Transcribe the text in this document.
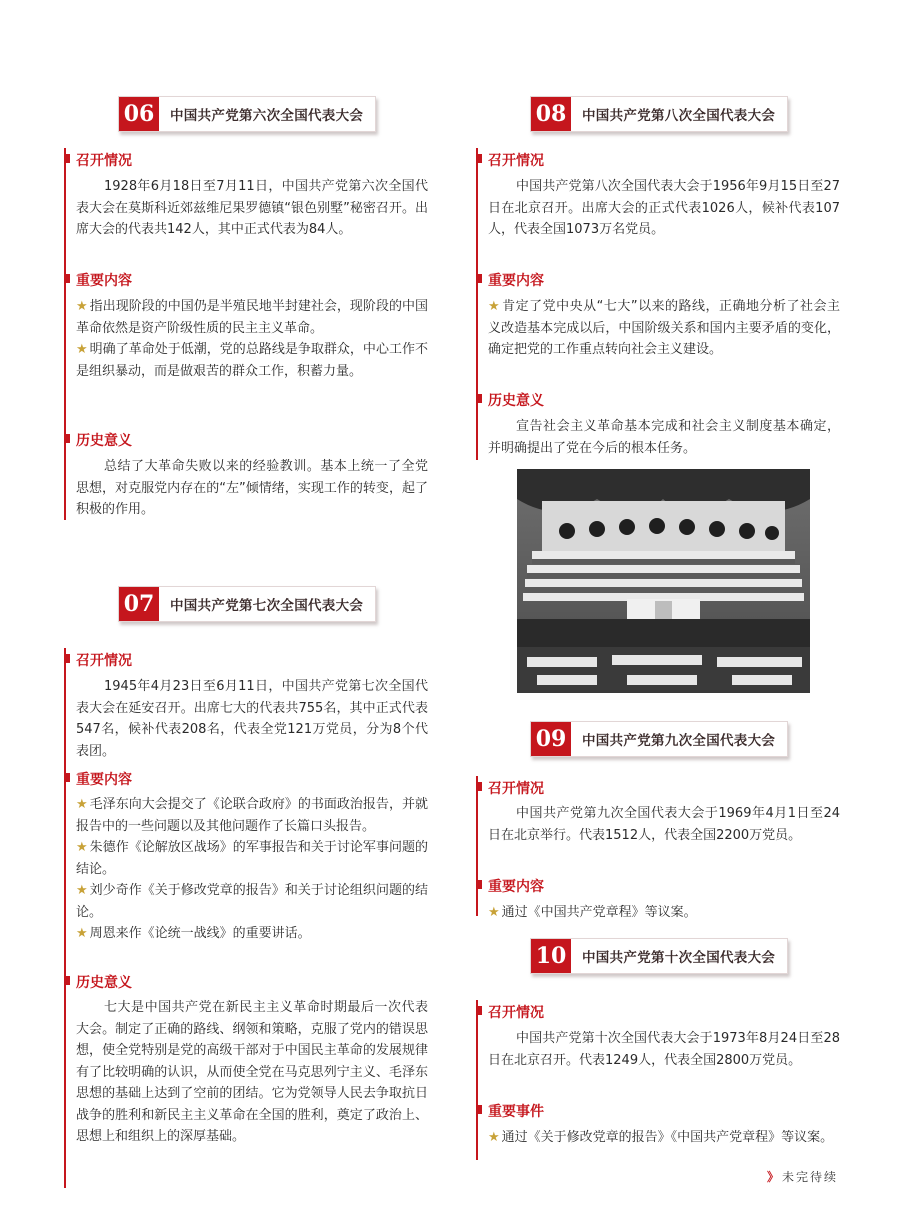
06	中国共产党第六次全国代表大会
召开情况
1928年6月18日至7月11日，中国共产党第六次全国代表大会在莫斯科近郊兹维尼果罗德镇“银色别墅”秘密召开。出席大会的代表共142人，其中正式代表为84人。
重要内容

★ 指出现阶段的中国仍是半殖民地半封建社会，现阶段的中国革命依然是资产阶级性质的民主主义革命。

★ 明确了革命处于低潮，党的总路线是争取群众，中心工作不是组织暴动，而是做艰苦的群众工作，积蓄力量。

历史意义
总结了大革命失败以来的经验教训。基本上统一了全党思想，对克服党内存在的“左”倾情绪，实现工作的转变，起了积极的作用。
07	中国共产党第七次全国代表大会
召开情况
1945年4月23日至6月11日，中国共产党第七次全国代表大会在延安召开。出席七大的代表共755名，其中正式代表547名，候补代表208名，代表全党121万党员，分为8个代表团。
重要内容

★ 毛泽东向大会提交了《论联合政府》的书面政治报告，并就报告中的一些问题以及其他问题作了长篇口头报告。

★ 朱德作《论解放区战场》的军事报告和关于讨论军事问题的结论。

★ 刘少奇作《关于修改党章的报告》和关于讨论组织问题的结论。

★ 周恩来作《论统一战线》的重要讲话。

历史意义
七大是中国共产党在新民主主义革命时期最后一次代表大会。制定了正确的路线、纲领和策略，克服了党内的错误思想，使全党特别是党的高级干部对于中国民主革命的发展规律有了比较明确的认识，从而使全党在马克思列宁主义、毛泽东思想的基础上达到了空前的团结。它为党领导人民去争取抗日战争的胜利和新民主主义革命在全国的胜利，奠定了政治上、思想上和组织上的深厚基础。
08	中国共产党第八次全国代表大会
召开情况
中国共产党第八次全国代表大会于1956年9月15日至27日在北京召开。出席大会的正式代表1026人，候补代表107人，代表全国1073万名党员。
重要内容

★ 肯定了党中央从“七大”以来的路线，正确地分析了社会主义改造基本完成以后，中国阶级关系和国内主要矛盾的变化，确定把党的工作重点转向社会主义建设。

历史意义
宣告社会主义革命基本完成和社会主义制度基本确定，并明确提出了党在今后的根本任务。
09	中国共产党第九次全国代表大会
召开情况
中国共产党第九次全国代表大会于1969年4月1日至24日在北京举行。代表1512人，代表全国2200万党员。
重要内容

★ 通过《中国共产党章程》等议案。

10	中国共产党第十次全国代表大会
召开情况
中国共产党第十次全国代表大会于1973年8月24日至28日在北京召开。代表1249人，代表全国2800万党员。
重要事件

★ 通过《关于修改党章的报告》《中国共产党章程》等议案。

》 未完待续
